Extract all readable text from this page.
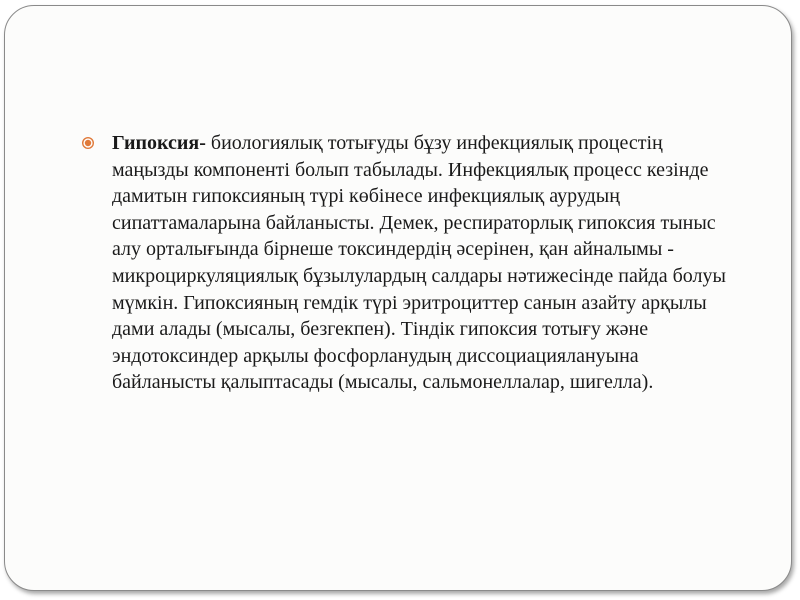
Гипоксия- биологиялық тотығуды бұзу инфекциялық процестің маңызды компоненті болып табылады. Инфекциялық процесс кезінде дамитын гипоксияның түрі көбінесе инфекциялық аурудың сипаттамаларына байланысты. Демек, респираторлық гипоксия тыныс алу орталығында бірнеше токсиндердің әсерінен, қан айналымы - микроциркуляциялық бұзылулардың салдары нәтижесінде пайда болуы мүмкін. Гипоксияның гемдік түрі эритроциттер санын азайту арқылы дами алады (мысалы, безгекпен). Тіндік гипоксия тотығу және эндотоксиндер арқылы фосфорланудың диссоциациялануына байланысты қалыптасады (мысалы, сальмонеллалар, шигелла).
